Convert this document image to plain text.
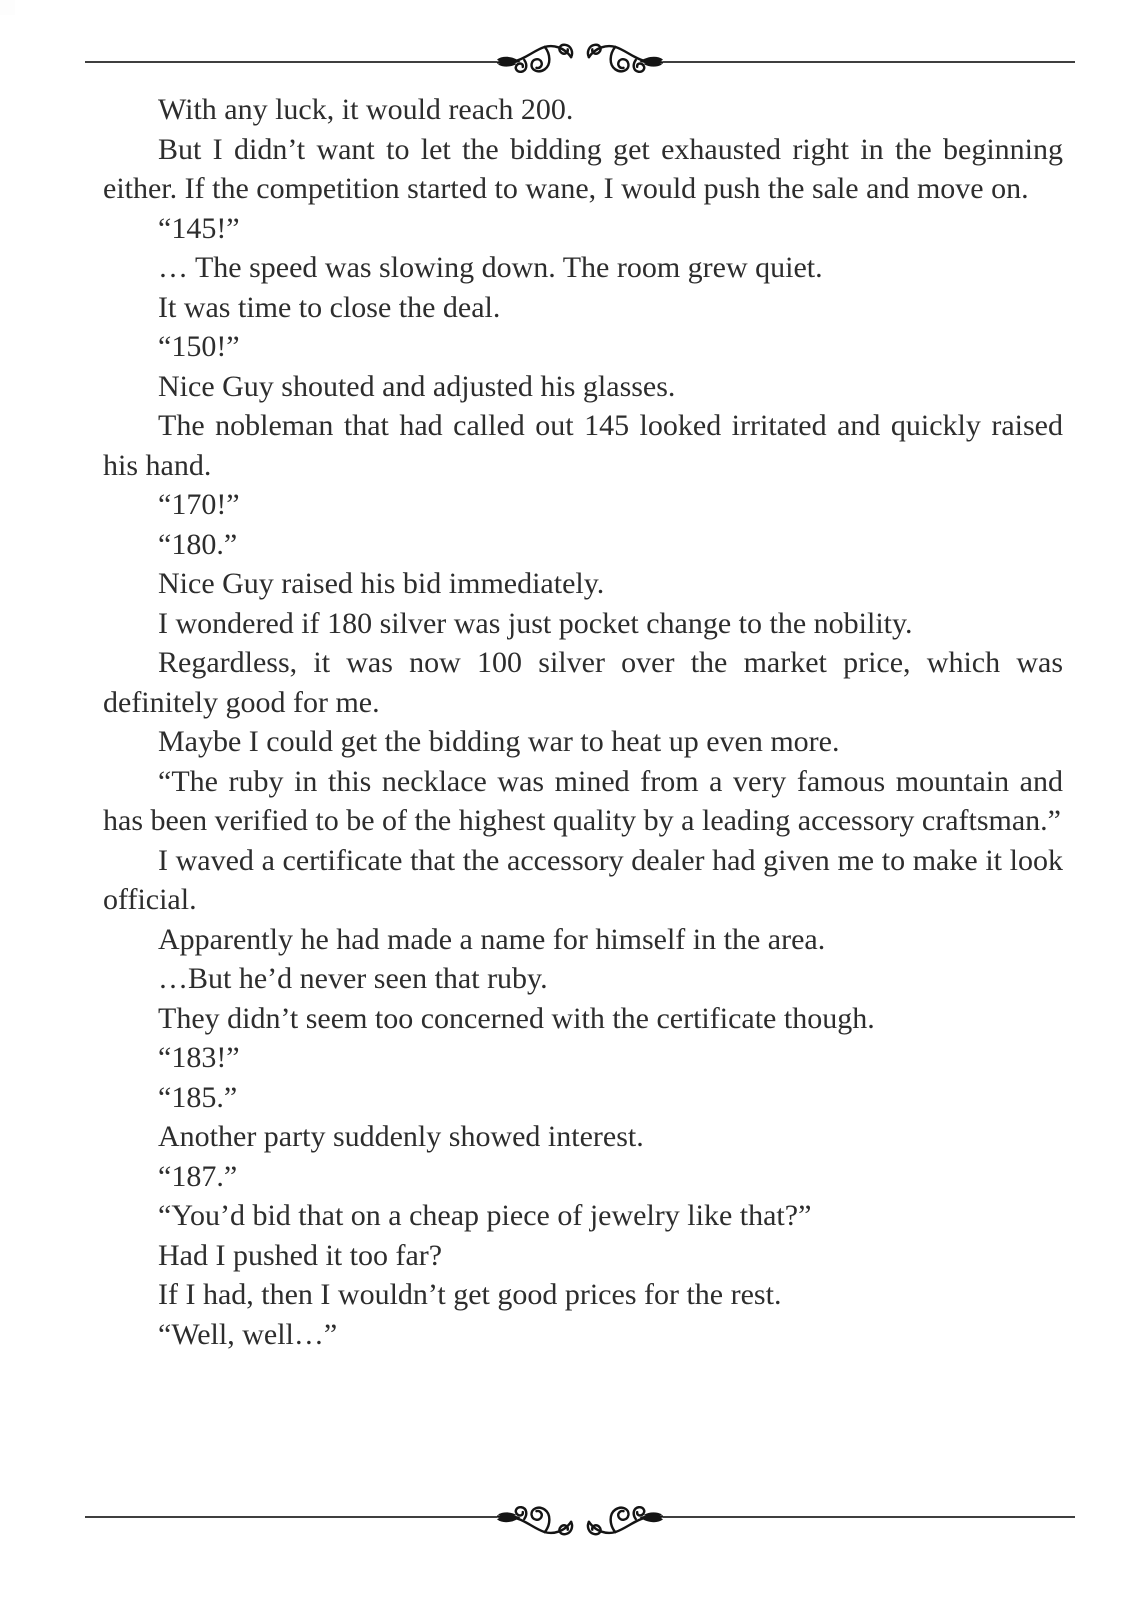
With any luck, it would reach 200.

But I didn’t want to let the bidding get exhausted right in the beginning either. If the competition started to wane, I would push the sale and move on.

“145!”

… The speed was slowing down. The room grew quiet.

It was time to close the deal.

“150!”

Nice Guy shouted and adjusted his glasses.

The nobleman that had called out 145 looked irritated and quickly raised his hand.

“170!”

“180.”

Nice Guy raised his bid immediately.

I wondered if 180 silver was just pocket change to the nobility.

Regardless, it was now 100 silver over the market price, which was definitely good for me.

Maybe I could get the bidding war to heat up even more.

“The ruby in this necklace was mined from a very famous mountain and has been verified to be of the highest quality by a leading accessory craftsman.”

I waved a certificate that the accessory dealer had given me to make it look official.

Apparently he had made a name for himself in the area.

…But he’d never seen that ruby.

They didn’t seem too concerned with the certificate though.

“183!”

“185.”

Another party suddenly showed interest.

“187.”

“You’d bid that on a cheap piece of jewelry like that?”

Had I pushed it too far?

If I had, then I wouldn’t get good prices for the rest.

“Well, well…”
